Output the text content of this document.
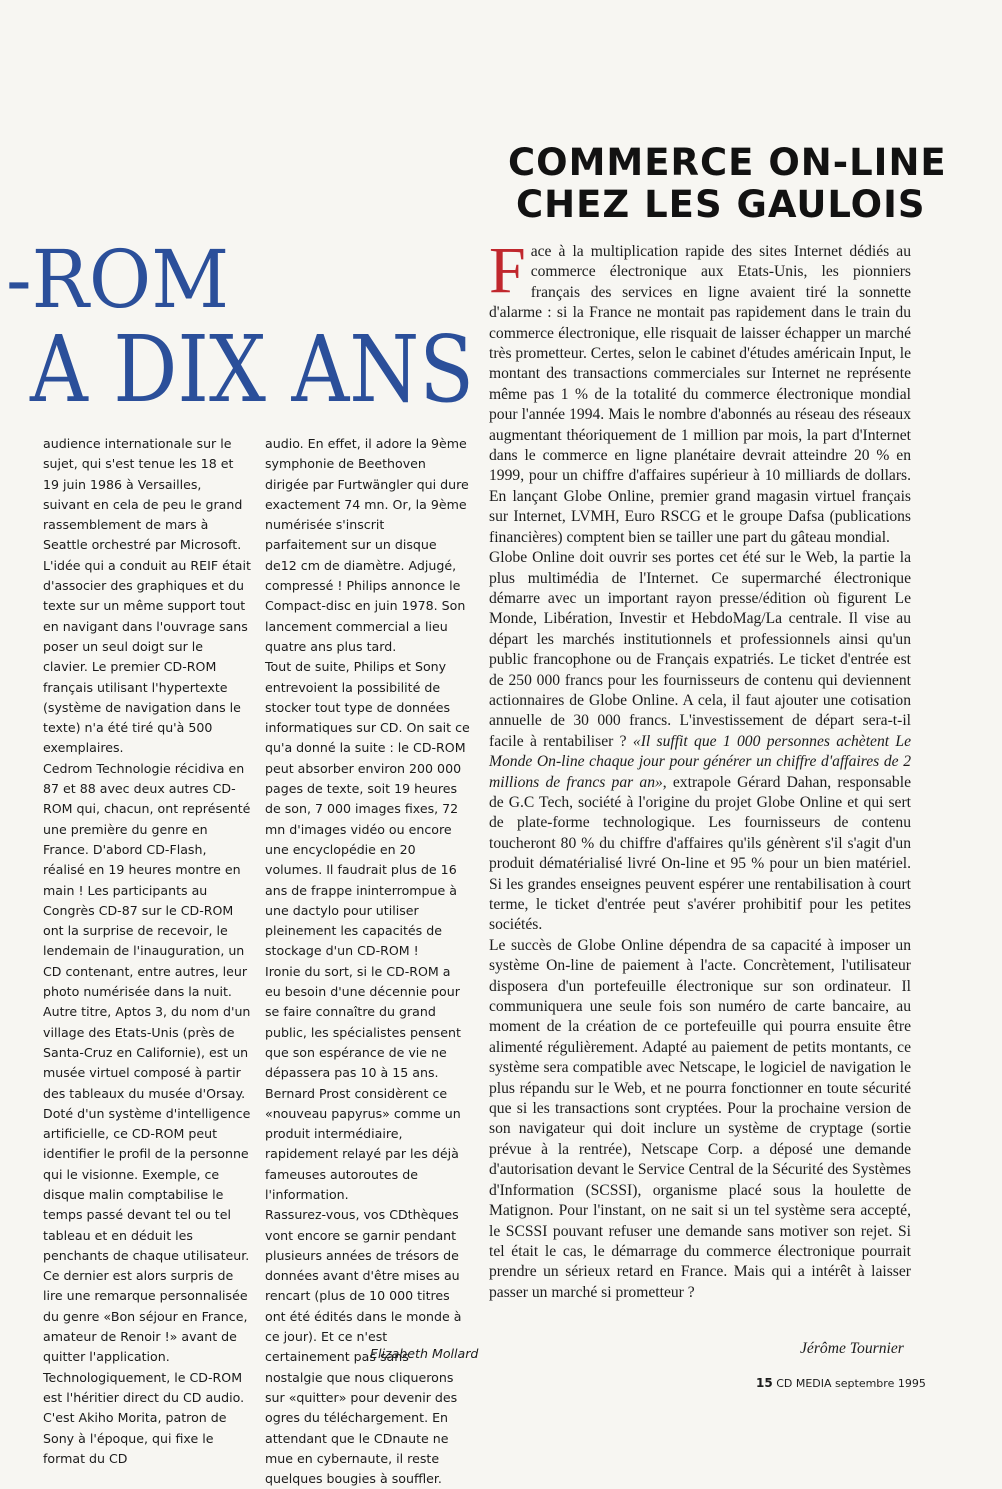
-ROM
A DIX ANS
COMMERCE ON-LINE
CHEZ LES GAULOIS

audience internationale sur le sujet, qui s'est tenue les 18 et 19 juin 1986 à Versailles, suivant en cela de peu le grand rassemblement de mars à Seattle orchestré par Microsoft. L'idée qui a conduit au REIF était d'associer des graphiques et du texte sur un même support tout en navigant dans l'ouvrage sans poser un seul doigt sur le clavier. Le premier CD-ROM français utilisant l'hypertexte (système de navigation dans le texte) n'a été tiré qu'à 500 exemplaires.

Cedrom Technologie récidiva en 87 et 88 avec deux autres CD-ROM qui, chacun, ont représenté une première du genre en France. D'abord CD-Flash, réalisé en 19 heures montre en main ! Les participants au Congrès CD-87 sur le CD-ROM ont la surprise de recevoir, le lendemain de l'inauguration, un CD contenant, entre autres, leur photo numérisée dans la nuit. Autre titre, Aptos 3, du nom d'un village des Etats-Unis (près de Santa-Cruz en Californie), est un musée virtuel composé à partir des tableaux du musée d'Orsay.

Doté d'un système d'intelligence artificielle, ce CD-ROM peut identifier le profil de la personne qui le visionne. Exemple, ce disque malin comptabilise le temps passé devant tel ou tel tableau et en déduit les penchants de chaque utilisateur. Ce dernier est alors surpris de lire une remarque personnalisée du genre «Bon séjour en France, amateur de Renoir !» avant de quitter l'application.

Technologiquement, le CD-ROM est l'héritier direct du CD audio. C'est Akiho Morita, patron de Sony à l'époque, qui fixe le format du CD

audio. En effet, il adore la 9ème symphonie de Beethoven dirigée par Furtwängler qui dure exactement 74 mn. Or, la 9ème numérisée s'inscrit parfaitement sur un disque de12 cm de diamètre. Adjugé, compressé ! Philips annonce le Compact-disc en juin 1978. Son lancement commercial a lieu quatre ans plus tard.

Tout de suite, Philips et Sony entrevoient la possibilité de stocker tout type de données informatiques sur CD. On sait ce qu'a donné la suite : le CD-ROM peut absorber environ 200 000 pages de texte, soit 19 heures de son, 7 000 images fixes, 72 mn d'images vidéo ou encore une encyclopédie en 20 volumes. Il faudrait plus de 16 ans de frappe ininterrompue à une dactylo pour utiliser pleinement les capacités de stockage d'un CD-ROM !

Ironie du sort, si le CD-ROM a eu besoin d'une décennie pour se faire connaître du grand public, les spécialistes pensent que son espérance de vie ne dépassera pas 10 à 15 ans. Bernard Prost considèrent ce «nouveau papyrus» comme un produit intermédiaire, rapidement relayé par les déjà fameuses autoroutes de l'information.

Rassurez-vous, vos CDthèques vont encore se garnir pendant plusieurs années de trésors de données avant d'être mises au rencart (plus de 10 000 titres ont été édités dans le monde à ce jour). Et ce n'est certainement pas sans nostalgie que nous cliquerons sur «quitter» pour devenir des ogres du téléchargement. En attendant que le CDnaute ne mue en cybernaute, il reste quelques bougies à souffler.

Elizabeth Mollard

Face à la multiplication rapide des sites Internet dédiés au commerce électronique aux Etats-Unis, les pionniers français des services en ligne avaient tiré la sonnette d'alarme : si la France ne montait pas rapidement dans le train du commerce électronique, elle risquait de laisser échapper un marché très prometteur. Certes, selon le cabinet d'études américain Input, le montant des transactions commerciales sur Internet ne représente même pas 1 % de la totalité du commerce électronique mondial pour l'année 1994. Mais le nombre d'abonnés au réseau des réseaux augmentant théoriquement de 1 million par mois, la part d'Internet dans le commerce en ligne planétaire devrait atteindre 20 % en 1999, pour un chiffre d'affaires supérieur à 10 milliards de dollars. En lançant Globe Online, premier grand magasin virtuel français sur Internet, LVMH, Euro RSCG et le groupe Dafsa (publications financières) comptent bien se tailler une part du gâteau mondial.

Globe Online doit ouvrir ses portes cet été sur le Web, la partie la plus multimédia de l'Internet. Ce supermarché électronique démarre avec un important rayon presse/édition où figurent Le Monde, Libération, Investir et HebdoMag/La centrale. Il vise au départ les marchés institutionnels et professionnels ainsi qu'un public francophone ou de Français expatriés. Le ticket d'entrée est de 250 000 francs pour les fournisseurs de contenu qui deviennent actionnaires de Globe Online. A cela, il faut ajouter une cotisation annuelle de 30 000 francs. L'investissement de départ sera-t-il facile à rentabiliser ? «Il suffit que 1 000 personnes achètent Le Monde On-line chaque jour pour générer un chiffre d'affaires de 2 millions de francs par an», extrapole Gérard Dahan, responsable de G.C Tech, société à l'origine du projet Globe Online et qui sert de plate-forme technologique. Les fournisseurs de contenu toucheront 80 % du chiffre d'affaires qu'ils génèrent s'il s'agit d'un produit dématérialisé livré On-line et 95 % pour un bien matériel. Si les grandes enseignes peuvent espérer une rentabilisation à court terme, le ticket d'entrée peut s'avérer prohibitif pour les petites sociétés.

Le succès de Globe Online dépendra de sa capacité à imposer un système On-line de paiement à l'acte. Concrètement, l'utilisateur disposera d'un portefeuille électronique sur son ordinateur. Il communiquera une seule fois son numéro de carte bancaire, au moment de la création de ce portefeuille qui pourra ensuite être alimenté régulièrement. Adapté au paiement de petits montants, ce système sera compatible avec Netscape, le logiciel de navigation le plus répandu sur le Web, et ne pourra fonctionner en toute sécurité que si les transactions sont cryptées. Pour la prochaine version de son navigateur qui doit inclure un système de cryptage (sortie prévue à la rentrée), Netscape Corp. a déposé une demande d'autorisation devant le Service Central de la Sécurité des Systèmes d'Information (SCSSI), organisme placé sous la houlette de Matignon. Pour l'instant, on ne sait si un tel système sera accepté, le SCSSI pouvant refuser une demande sans motiver son rejet. Si tel était le cas, le démarrage du commerce électronique pourrait prendre un sérieux retard en France. Mais qui a intérêt à laisser passer un marché si prometteur ?

Jérôme Tournier
15 CD MEDIA septembre 1995
